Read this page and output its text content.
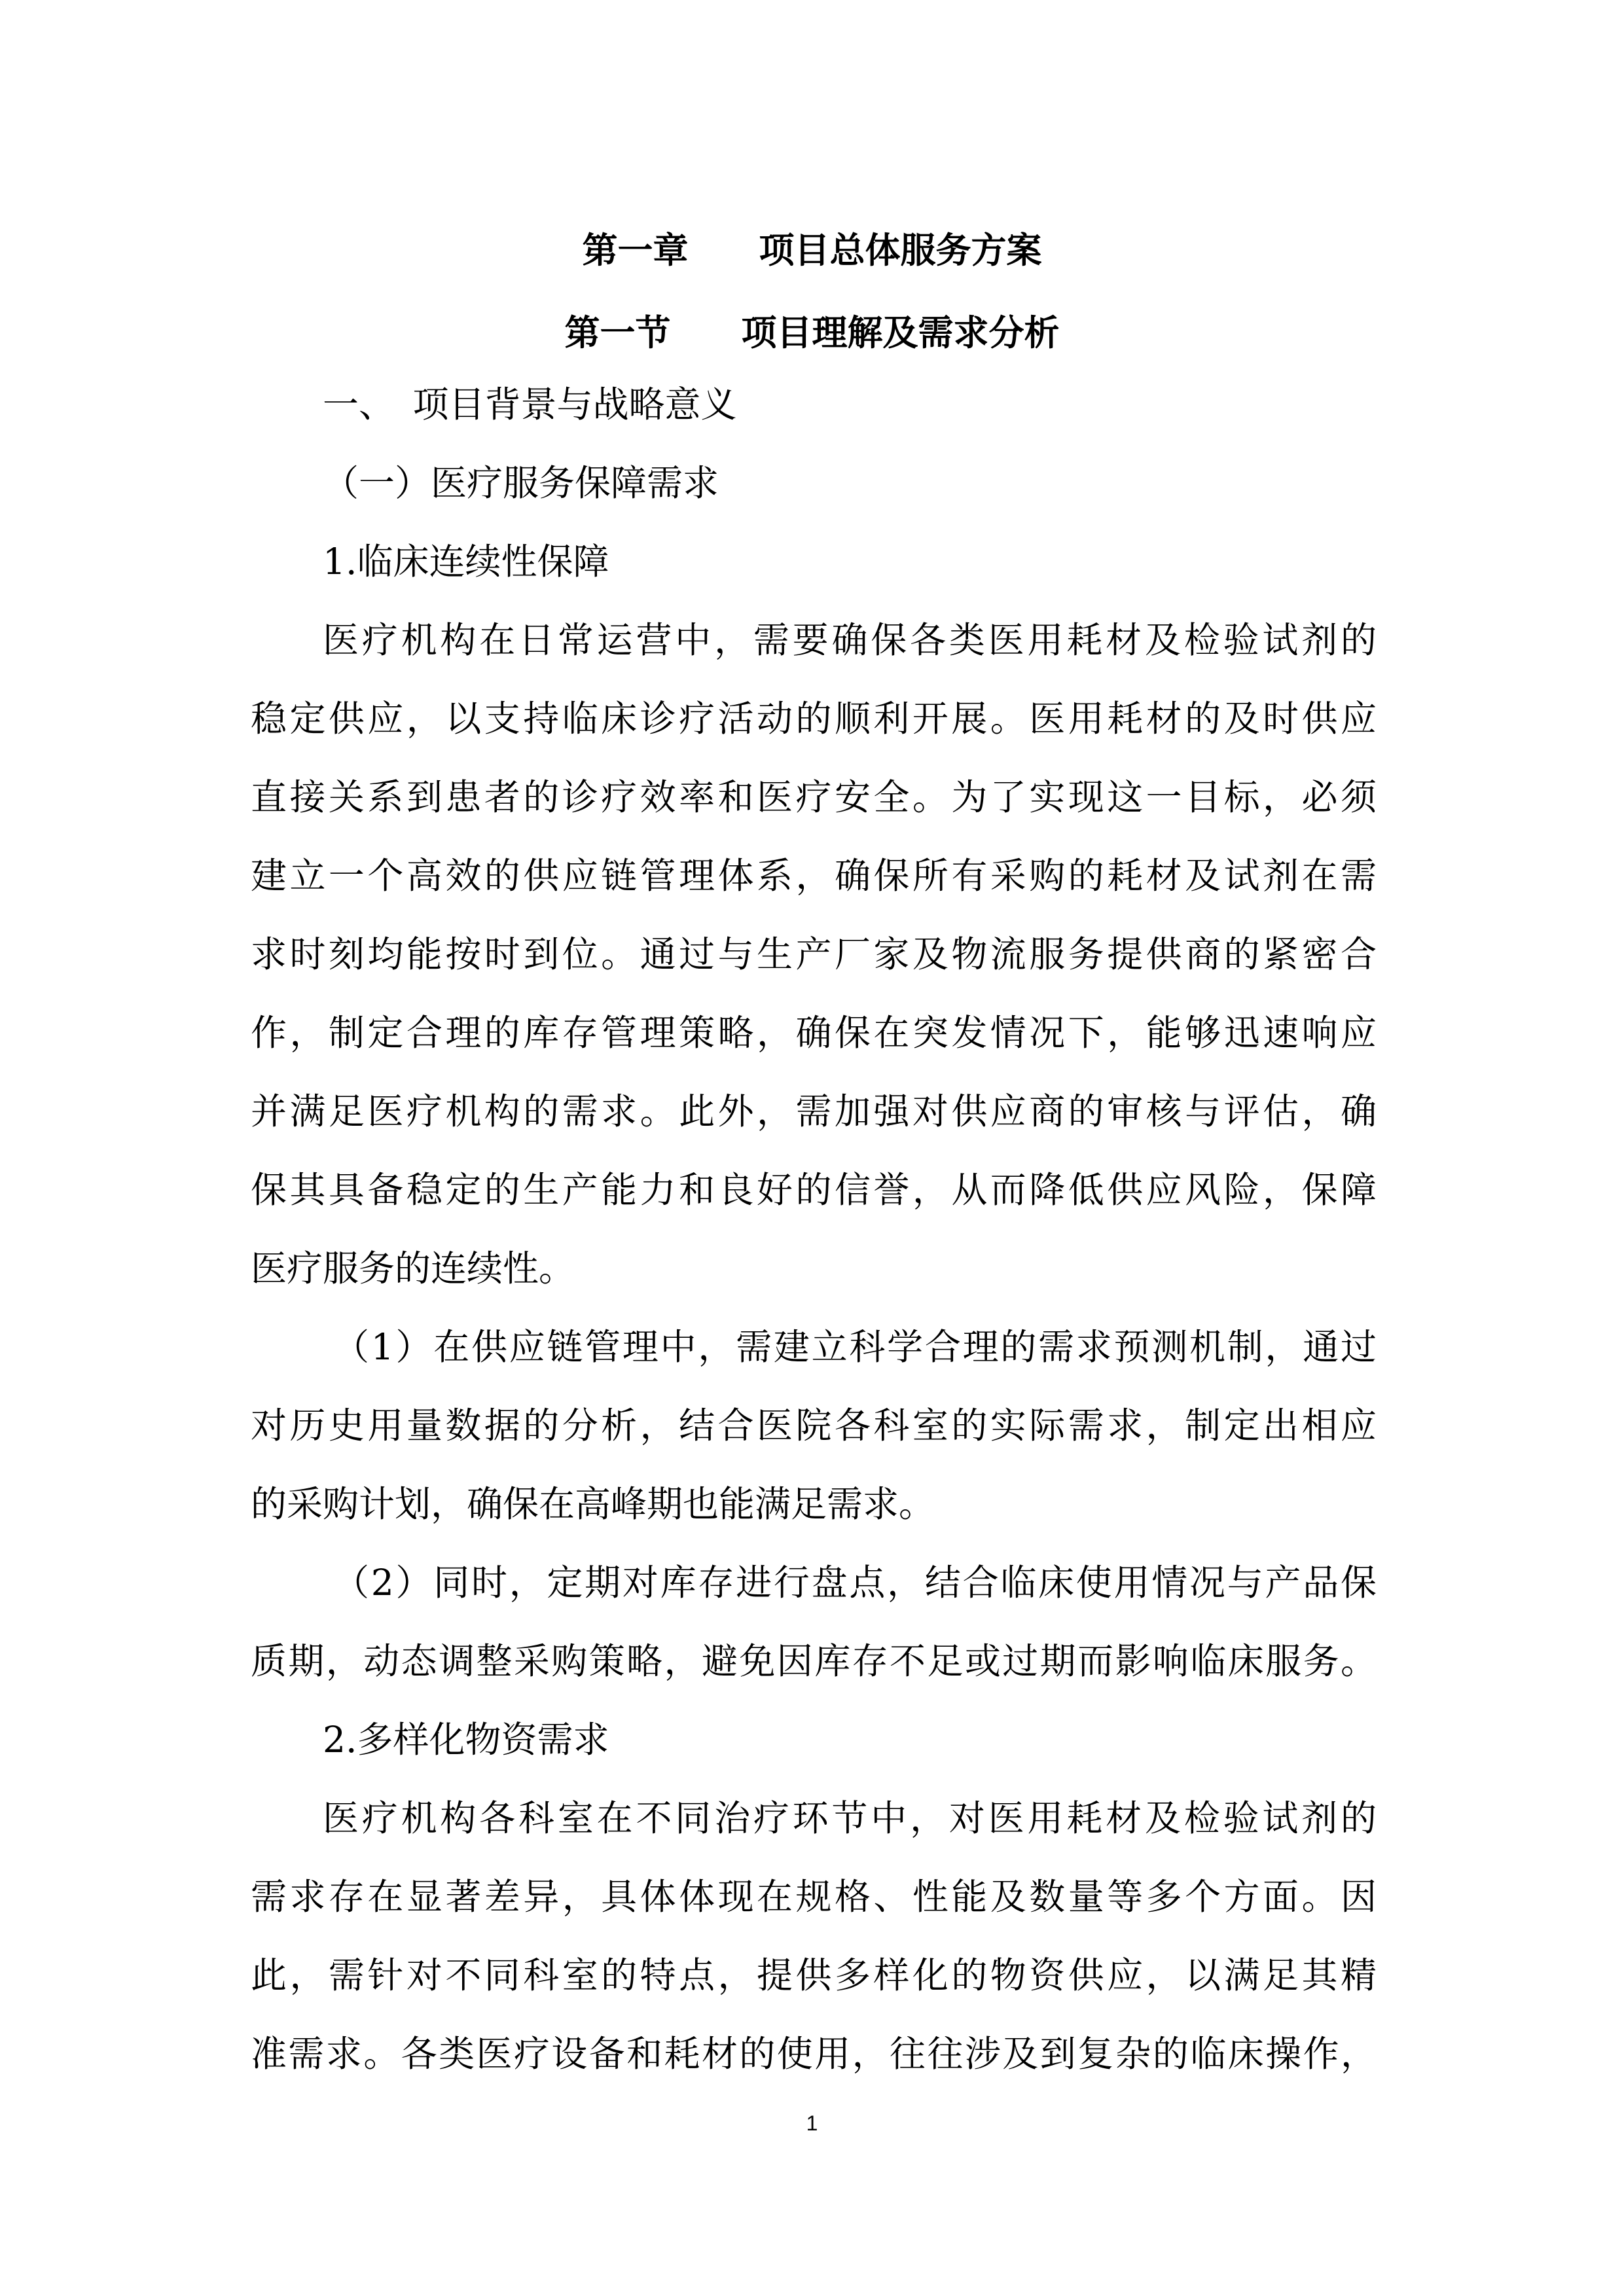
第一章　　项目总体服务方案
第一节　　项目理解及需求分析
一、　项目背景与战略意义
（一）医疗服务保障需求
1.临床连续性保障
医疗机构在日常运营中，需要确保各类医用耗材及检验试剂的
稳定供应，以支持临床诊疗活动的顺利开展。医用耗材的及时供应
直接关系到患者的诊疗效率和医疗安全。为了实现这一目标，必须
建立一个高效的供应链管理体系，确保所有采购的耗材及试剂在需
求时刻均能按时到位。通过与生产厂家及物流服务提供商的紧密合
作，制定合理的库存管理策略，确保在突发情况下，能够迅速响应
并满足医疗机构的需求。此外，需加强对供应商的审核与评估，确
保其具备稳定的生产能力和良好的信誉，从而降低供应风险，保障
医疗服务的连续性。
（1）在供应链管理中，需建立科学合理的需求预测机制，通过
对历史用量数据的分析，结合医院各科室的实际需求，制定出相应
的采购计划，确保在高峰期也能满足需求。
（2）同时，定期对库存进行盘点，结合临床使用情况与产品保
质期，动态调整采购策略，避免因库存不足或过期而影响临床服务。
2.多样化物资需求
医疗机构各科室在不同治疗环节中，对医用耗材及检验试剂的
需求存在显著差异，具体体现在规格、性能及数量等多个方面。因
此，需针对不同科室的特点，提供多样化的物资供应，以满足其精
准需求。各类医疗设备和耗材的使用，往往涉及到复杂的临床操作，
1
